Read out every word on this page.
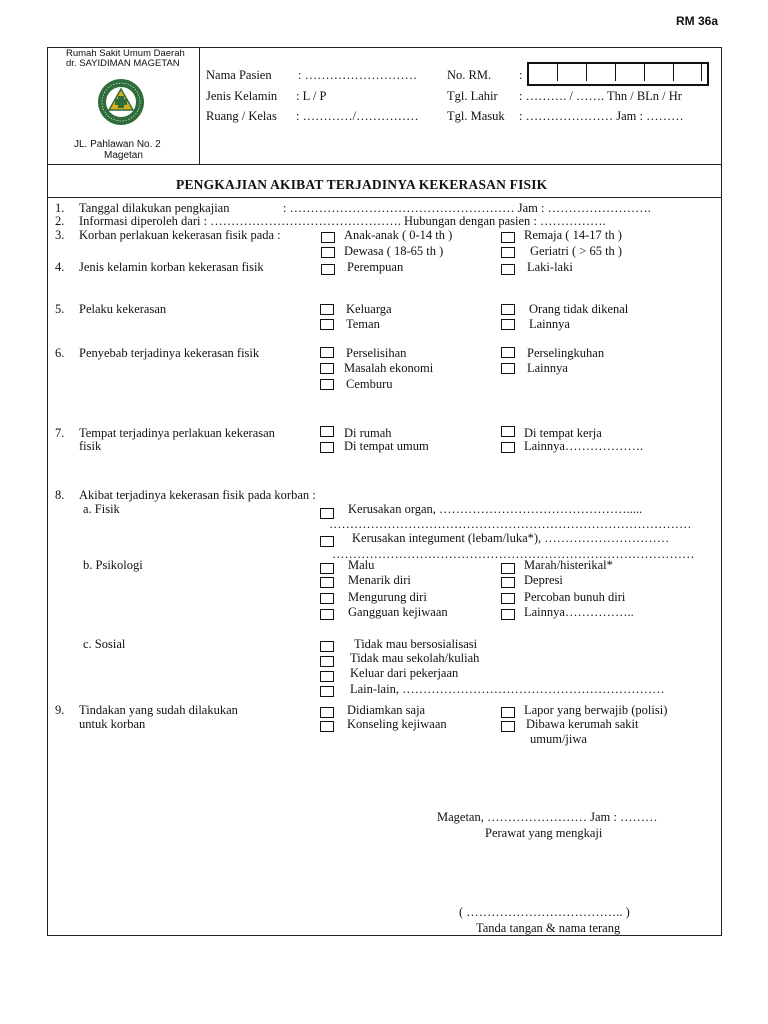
RM 36a
Rumah Sakit Umum Daerah
dr. SAYIDIMAN MAGETAN
JL. Pahlawan No. 2
Magetan
Nama Pasien : ………………………
Jenis Kelamin : L / P
Ruang / Kelas : …………/……………
No. RM. :
Tgl. Lahir : ………. / ……. Thn / BLn / Hr
Tgl. Masuk : ………………… Jam : ………
PENGKAJIAN AKIBAT TERJADINYA KEKERASAN FISIK
1. Tanggal dilakukan pengkajian	: ……………………………………………… Jam : …………………….
2. Informasi diperoleh dari : ………………………………………. Hubungan dengan pasien : …………….
3. Korban perlakuan kekerasan fisik pada :	Anak-anak ( 0-14 th )	Remaja ( 14-17 th )
Dewasa ( 18-65 th )	Geriatri ( > 65 th )
4. Jenis kelamin korban kekerasan fisik	Perempuan	Laki-laki
5. Pelaku kekerasan	Keluarga	Orang tidak dikenal
Teman	Lainnya
6. Penyebab terjadinya kekerasan fisik	Perselisihan	Perselingkuhan
Masalah ekonomi	Lainnya
Cemburu
7. Tempat terjadinya perlakuan kekerasan
fisik
Di rumah	Di tempat kerja
Di tempat umum	Lainnya……………….
8. Akibat terjadinya kekerasan fisik pada korban :
a. Fisik	Kerusakan organ, ……………………………………….....
……………………………………………………………………………
Kerusakan integument (lebam/luka*), …………………………
……………………………………………………………………………
b. Psikologi	Malu	Marah/histerikal*
Menarik diri	Depresi
Mengurung diri	Percoban bunuh diri
Gangguan kejiwaan	Lainnya……………..
c. Sosial	Tidak mau bersosialisasi
Tidak mau sekolah/kuliah
Keluar dari pekerjaan
Lain-lain, ………………………………………………………
9. Tindakan yang sudah dilakukan
untuk korban
Didiamkan saja	Lapor yang berwajib (polisi)
Konseling kejiwaan	Dibawa kerumah sakit
umum/jiwa
Magetan, …………………… Jam : ………
Perawat yang mengkaji
( ……………………………….. )
Tanda tangan & nama terang
